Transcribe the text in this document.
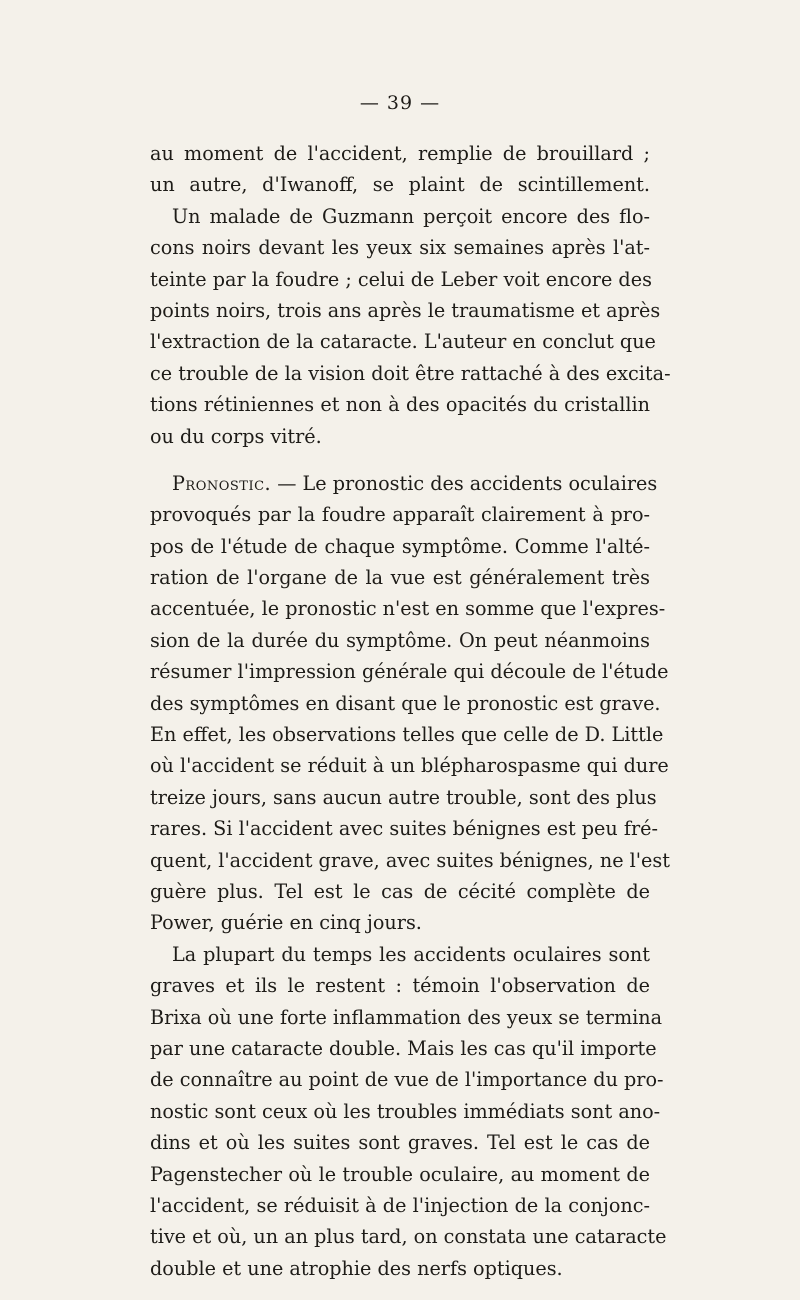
— 39 —
au moment de l'accident, remplie de brouillard ;
un autre, d'Iwanoff, se plaint de scintillement.
Un malade de Guzmann perçoit encore des flo-
cons noirs devant les yeux six semaines après l'at-
teinte par la foudre ; celui de Leber voit encore des
points noirs, trois ans après le traumatisme et après
l'extraction de la cataracte. L'auteur en conclut que
ce trouble de la vision doit être rattaché à des excita-
tions rétiniennes et non à des opacités du cristallin
ou du corps vitré.
Pronostic. — Le pronostic des accidents oculaires
provoqués par la foudre apparaît clairement à pro-
pos de l'étude de chaque symptôme. Comme l'alté-
ration de l'organe de la vue est généralement très
accentuée, le pronostic n'est en somme que l'expres-
sion de la durée du symptôme. On peut néanmoins
résumer l'impression générale qui découle de l'étude
des symptômes en disant que le pronostic est grave.
En effet, les observations telles que celle de D. Little
où l'accident se réduit à un blépharospasme qui dure
treize jours, sans aucun autre trouble, sont des plus
rares. Si l'accident avec suites bénignes est peu fré-
quent, l'accident grave, avec suites bénignes, ne l'est
guère plus. Tel est le cas de cécité complète de
Power, guérie en cinq jours.
La plupart du temps les accidents oculaires sont
graves et ils le restent : témoin l'observation de
Brixa où une forte inflammation des yeux se termina
par une cataracte double. Mais les cas qu'il importe
de connaître au point de vue de l'importance du pro-
nostic sont ceux où les troubles immédiats sont ano-
dins et où les suites sont graves. Tel est le cas de
Pagenstecher où le trouble oculaire, au moment de
l'accident, se réduisit à de l'injection de la conjonc-
tive et où, un an plus tard, on constata une cataracte
double et une atrophie des nerfs optiques.
